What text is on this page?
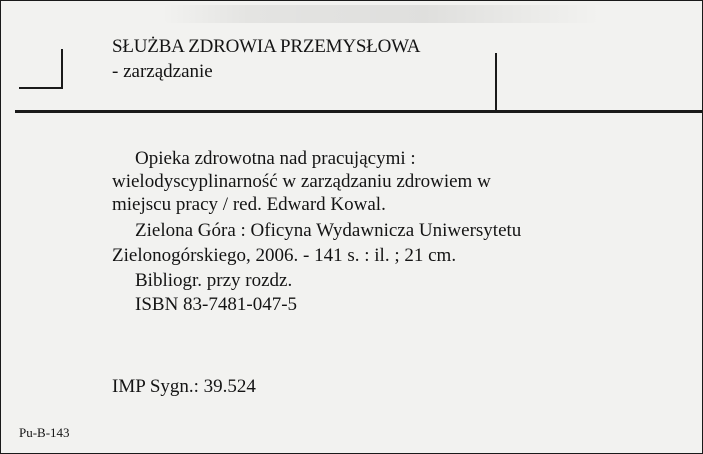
SŁUŻBA ZDROWIA PRZEMYSŁOWA
- zarządzanie
Opieka zdrowotna nad pracującymi :
wielodyscyplinarność w zarządzaniu zdrowiem w
miejscu pracy / red. Edward Kowal.
Zielona Góra : Oficyna Wydawnicza Uniwersytetu
Zielonogórskiego, 2006. - 141 s. : il. ; 21 cm.
Bibliogr. przy rozdz.
ISBN 83-7481-047-5
IMP Sygn.: 39.524
Pu-B-143
